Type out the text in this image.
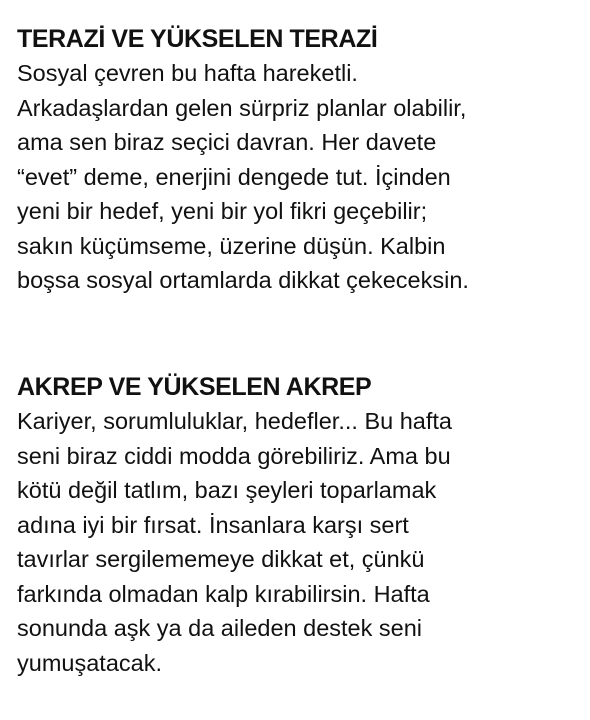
TERAZİ VE YÜKSELEN TERAZİ
Sosyal çevren bu hafta hareketli.
Arkadaşlardan gelen sürpriz planlar olabilir,
ama sen biraz seçici davran. Her davete
“evet” deme, enerjini dengede tut. İçinden
yeni bir hedef, yeni bir yol fikri geçebilir;
sakın küçümseme, üzerine düşün. Kalbin
boşsa sosyal ortamlarda dikkat çekeceksin.
AKREP VE YÜKSELEN AKREP
Kariyer, sorumluluklar, hedefler... Bu hafta
seni biraz ciddi modda görebiliriz. Ama bu
kötü değil tatlım, bazı şeyleri toparlamak
adına iyi bir fırsat. İnsanlara karşı sert
tavırlar sergilememeye dikkat et, çünkü
farkında olmadan kalp kırabilirsin. Hafta
sonunda aşk ya da aileden destek seni
yumuşatacak.
